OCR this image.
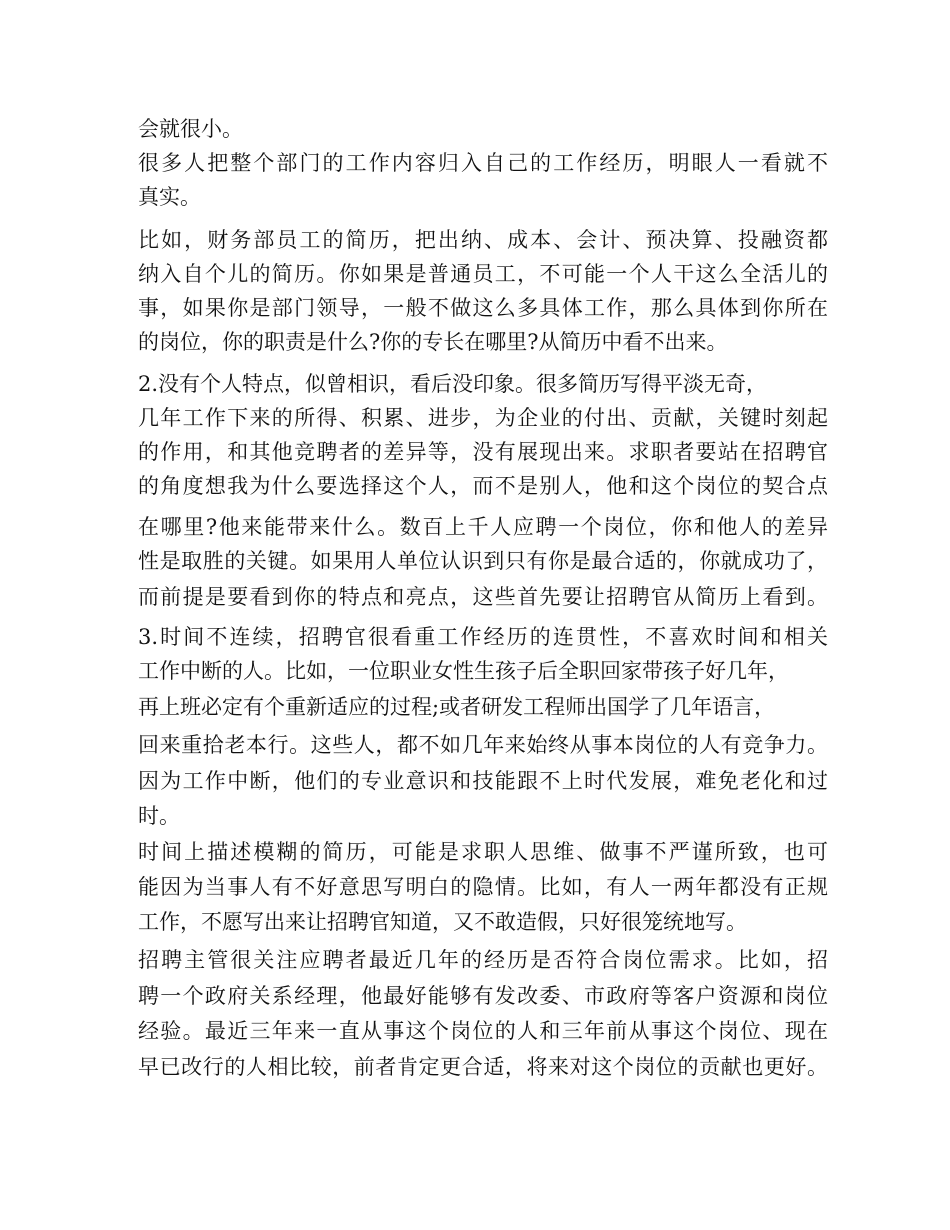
会就很小。
很多人把整个部门的工作内容归入自己的工作经历，明眼人一看就不
真实。
比如，财务部员工的简历，把出纳、成本、会计、预决算、投融资都
纳入自个儿的简历。你如果是普通员工，不可能一个人干这么全活儿的
事，如果你是部门领导，一般不做这么多具体工作，那么具体到你所在
的岗位，你的职责是什么?你的专长在哪里?从简历中看不出来。
2.没有个人特点，似曾相识，看后没印象。很多简历写得平淡无奇，
几年工作下来的所得、积累、进步，为企业的付出、贡献，关键时刻起
的作用，和其他竞聘者的差异等，没有展现出来。求职者要站在招聘官
的角度想我为什么要选择这个人，而不是别人，他和这个岗位的契合点
在哪里?他来能带来什么。数百上千人应聘一个岗位，你和他人的差异
性是取胜的关键。如果用人单位认识到只有你是最合适的，你就成功了，
而前提是要看到你的特点和亮点，这些首先要让招聘官从简历上看到。
3.时间不连续，招聘官很看重工作经历的连贯性，不喜欢时间和相关
工作中断的人。比如，一位职业女性生孩子后全职回家带孩子好几年，
再上班必定有个重新适应的过程;或者研发工程师出国学了几年语言，
回来重拾老本行。这些人，都不如几年来始终从事本岗位的人有竞争力。
因为工作中断，他们的专业意识和技能跟不上时代发展，难免老化和过
时。
时间上描述模糊的简历，可能是求职人思维、做事不严谨所致，也可
能因为当事人有不好意思写明白的隐情。比如，有人一两年都没有正规
工作，不愿写出来让招聘官知道，又不敢造假，只好很笼统地写。
招聘主管很关注应聘者最近几年的经历是否符合岗位需求。比如，招
聘一个政府关系经理，他最好能够有发改委、市政府等客户资源和岗位
经验。最近三年来一直从事这个岗位的人和三年前从事这个岗位、现在
早已改行的人相比较，前者肯定更合适，将来对这个岗位的贡献也更好。
